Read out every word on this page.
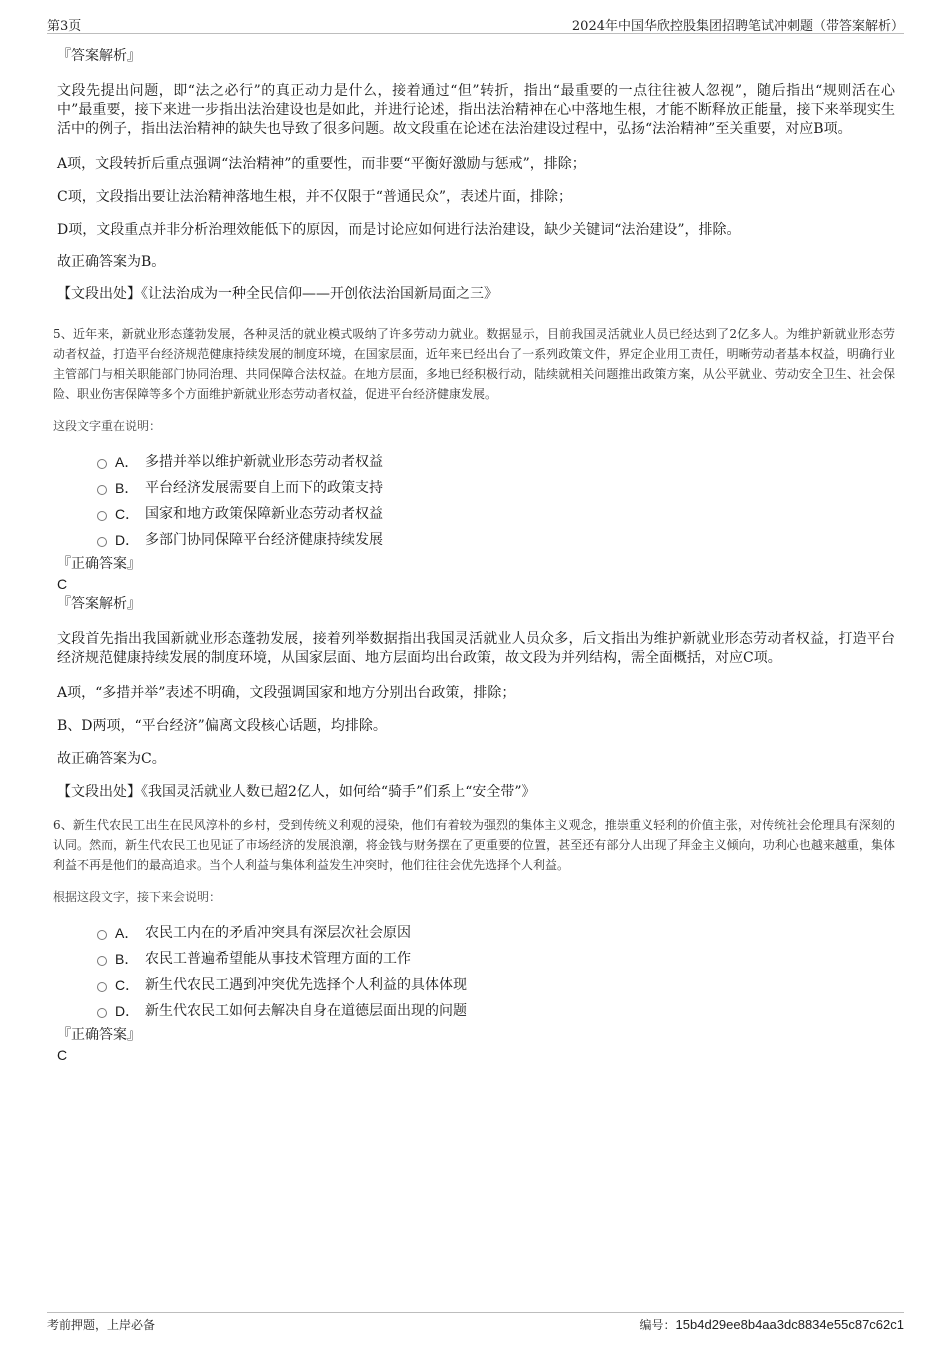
第3页	2024年中国华欣控股集团招聘笔试冲刺题（带答案解析）

『答案解析』

文段先提出问题，即“法之必行”的真正动力是什么，接着通过“但”转折，指出“最重要的一点往往被人忽视”，随后指出“规则活在心中”最重要，接下来进一步指出法治建设也是如此，并进行论述，指出法治精神在心中落地生根，才能不断释放正能量，接下来举现实生活中的例子，指出法治精神的缺失也导致了很多问题。故文段重在论述在法治建设过程中，弘扬“法治精神”至关重要，对应B项。

A项，文段转折后重点强调“法治精神”的重要性，而非要“平衡好激励与惩戒”，排除；

C项，文段指出要让法治精神落地生根，并不仅限于“普通民众”，表述片面，排除；

D项，文段重点并非分析治理效能低下的原因，而是讨论应如何进行法治建设，缺少关键词“法治建设”，排除。

故正确答案为B。

【文段出处】《让法治成为一种全民信仰——开创依法治国新局面之三》

5、近年来，新就业形态蓬勃发展，各种灵活的就业模式吸纳了许多劳动力就业。数据显示，目前我国灵活就业人员已经达到了2亿多人。为维护新就业形态劳动者权益，打造平台经济规范健康持续发展的制度环境，在国家层面，近年来已经出台了一系列政策文件，界定企业用工责任，明晰劳动者基本权益，明确行业主管部门与相关职能部门协同治理、共同保障合法权益。在地方层面，多地已经积极行动，陆续就相关问题推出政策方案，从公平就业、劳动安全卫生、社会保险、职业伤害保障等多个方面维护新就业形态劳动者权益，促进平台经济健康发展。

这段文字重在说明：

A． 多措并举以维护新就业形态劳动者权益
B． 平台经济发展需要自上而下的政策支持
C． 国家和地方政策保障新业态劳动者权益
D． 多部门协同保障平台经济健康持续发展

『正确答案』

C

『答案解析』

文段首先指出我国新就业形态蓬勃发展，接着列举数据指出我国灵活就业人员众多，后文指出为维护新就业形态劳动者权益，打造平台经济规范健康持续发展的制度环境，从国家层面、地方层面均出台政策，故文段为并列结构，需全面概括，对应C项。

A项，“多措并举”表述不明确，文段强调国家和地方分别出台政策，排除；

B、D两项，“平台经济”偏离文段核心话题，均排除。

故正确答案为C。

【文段出处】《我国灵活就业人数已超2亿人，如何给“骑手”们系上“安全带”》

6、新生代农民工出生在民风淳朴的乡村，受到传统义利观的浸染，他们有着较为强烈的集体主义观念，推崇重义轻利的价值主张，对传统社会伦理具有深刻的认同。然而，新生代农民工也见证了市场经济的发展浪潮，将金钱与财务摆在了更重要的位置，甚至还有部分人出现了拜金主义倾向，功利心也越来越重，集体利益不再是他们的最高追求。当个人利益与集体利益发生冲突时，他们往往会优先选择个人利益。

根据这段文字，接下来会说明：

A． 农民工内在的矛盾冲突具有深层次社会原因
B． 农民工普遍希望能从事技术管理方面的工作
C． 新生代农民工遇到冲突优先选择个人利益的具体体现
D． 新生代农民工如何去解决自身在道德层面出现的问题

『正确答案』

C

考前押题，上岸必备	编号：15b4d29ee8b4aa3dc8834e55c87c62c1
